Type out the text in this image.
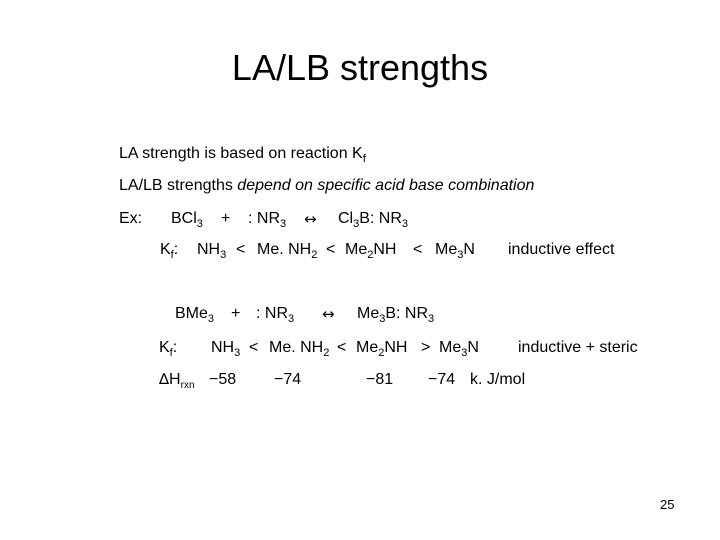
LA/LB strengths
LA strength is based on reaction $K_f$
LA/LB strengths depend on specific acid base combination
Ex: BCl$_3$ + : $NR_3$ ↔ $Cl_3B$: $NR_3$
$K_f$: $NH_3 < Me$. $NH_2 < Me_2NH < Me_3N$ inductive effect
BMe$_3$ + : $NR_3$ ↔ $Me_3B$: $NR_3$
$K_f$: $NH_3 < Me$. $NH_2 < Me_2NH > Me_3N$ inductive + steric
$\Delta H_{rxn} -58 -74$	−81 −74 k. J/mol
25
